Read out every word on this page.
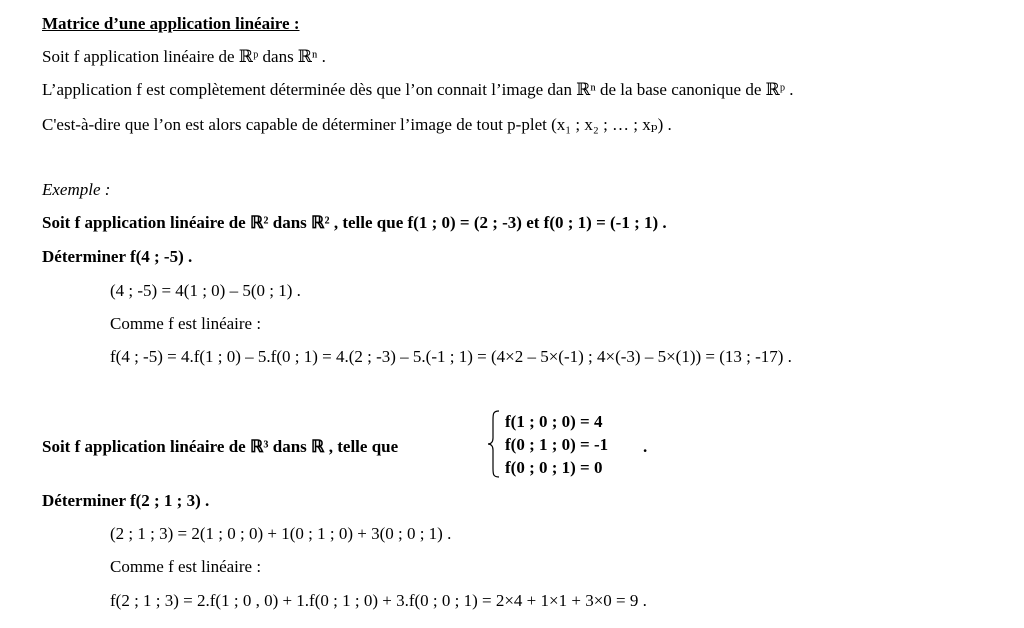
Matrice d’une application linéaire :
Soit f application linéaire de ℝᵖ dans ℝⁿ .
L’application f est complètement déterminée dès que l’on connait l’image dan ℝⁿ de la base canonique de ℝᵖ .
C'est-à-dire que l’on est alors capable de déterminer l’image de tout p-plet (x₁ ; x₂ ; … ; xₚ) .
Exemple :
Soit f application linéaire de ℝ² dans ℝ² , telle que f(1 ; 0) = (2 ; -3) et f(0 ; 1) = (-1 ; 1) .
Déterminer f(4 ; -5) .
(4 ; -5) = 4(1 ; 0) – 5(0 ; 1) .
Comme f est linéaire :
f(4 ; -5) = 4.f(1 ; 0) – 5.f(0 ; 1) = 4.(2 ; -3) – 5.(-1 ; 1) = (4×2 – 5×(-1) ; 4×(-3) – 5×(1)) = (13 ; -17) .
Soit f application linéaire de ℝ³ dans ℝ , telle que
f(1 ; 0 ; 0) = 4
f(0 ; 1 ; 0) = -1
f(0 ; 0 ; 1) = 0
.
Déterminer f(2 ; 1 ; 3) .
(2 ; 1 ; 3) = 2(1 ; 0 ; 0) + 1(0 ; 1 ; 0) + 3(0 ; 0 ; 1) .
Comme f est linéaire :
f(2 ; 1 ; 3) = 2.f(1 ; 0 , 0) + 1.f(0 ; 1 ; 0) + 3.f(0 ; 0 ; 1) = 2×4 + 1×1 + 3×0 = 9 .
